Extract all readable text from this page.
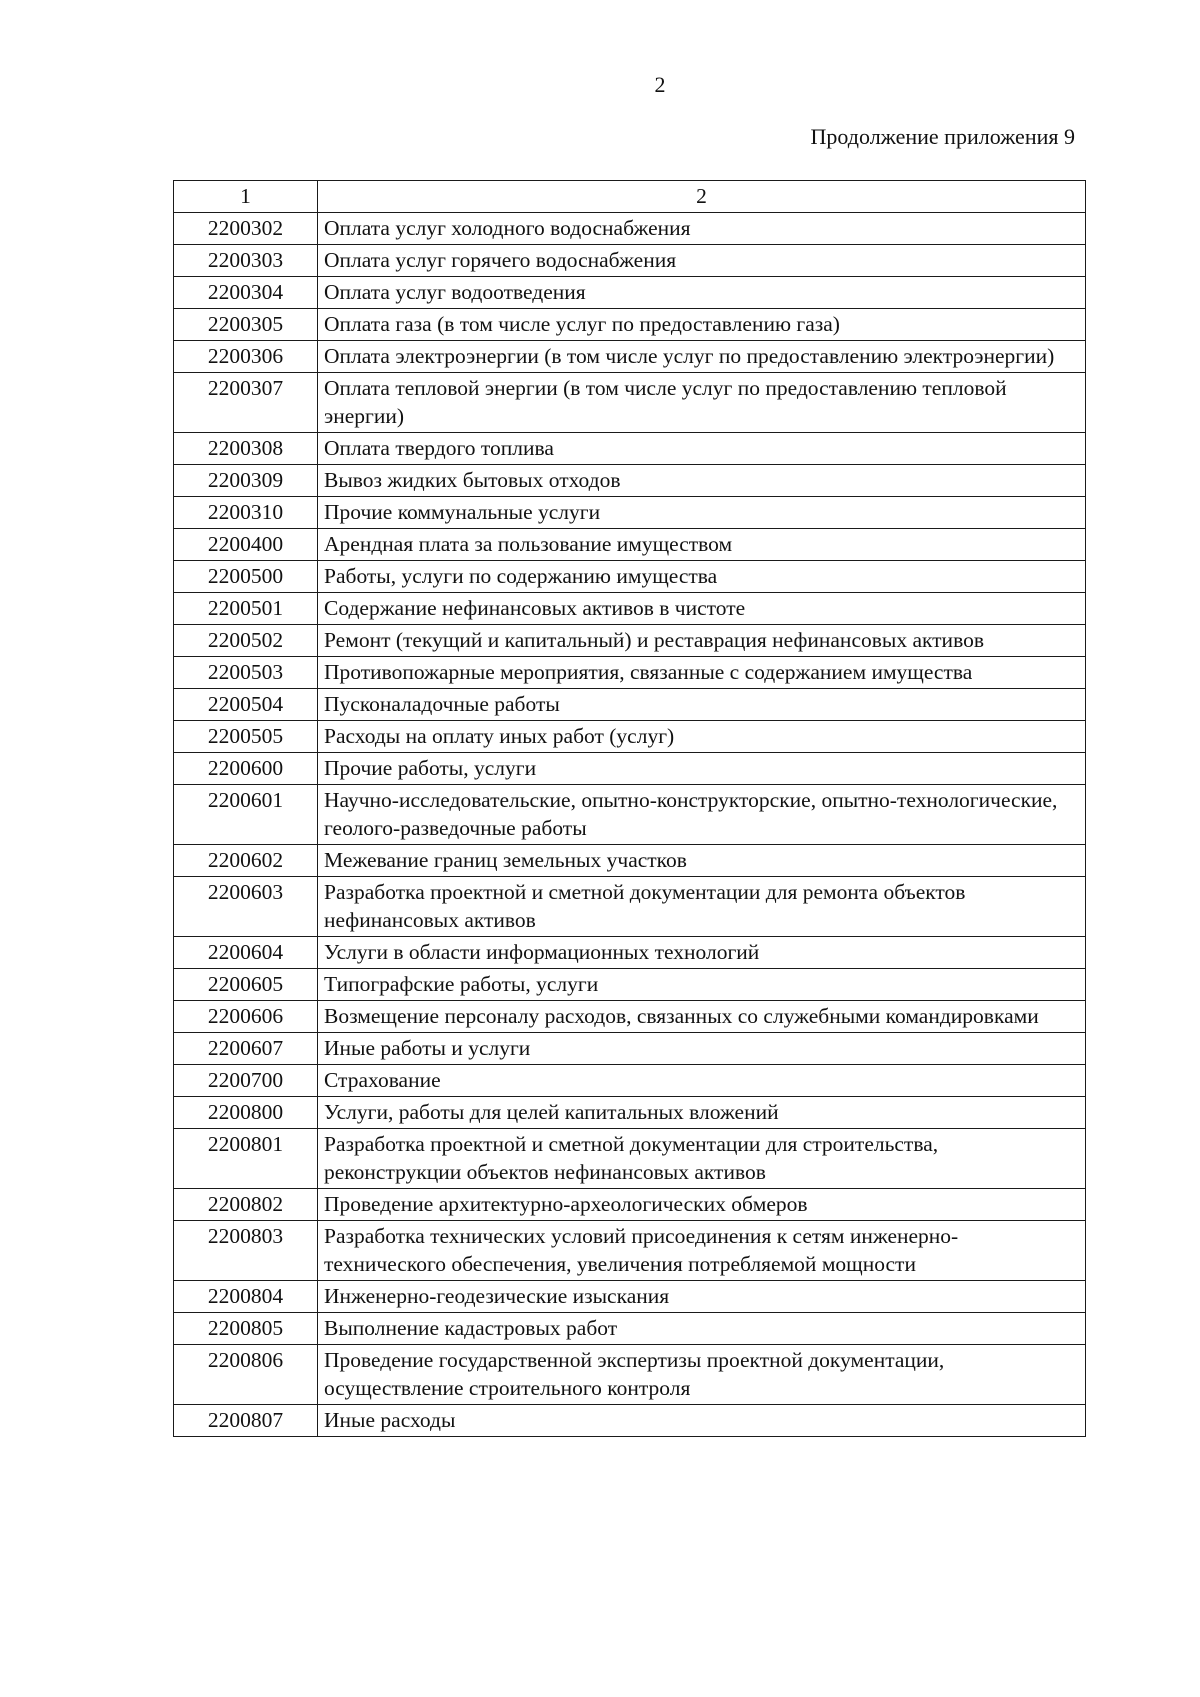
2
Продолжение приложения 9
1	2
2200302	Оплата услуг холодного водоснабжения
2200303	Оплата услуг горячего водоснабжения
2200304	Оплата услуг водоотведения
2200305	Оплата газа (в том числе услуг по предоставлению газа)
2200306	Оплата электроэнергии (в том числе услуг по предоставлению электроэнергии)
2200307	Оплата тепловой энергии (в том числе услуг по предоставлению тепловой энергии)
2200308	Оплата твердого топлива
2200309	Вывоз жидких бытовых отходов
2200310	Прочие коммунальные услуги
2200400	Арендная плата за пользование имуществом
2200500	Работы, услуги по содержанию имущества
2200501	Содержание нефинансовых активов в чистоте
2200502	Ремонт (текущий и капитальный) и реставрация нефинансовых активов
2200503	Противопожарные мероприятия, связанные с содержанием имущества
2200504	Пусконаладочные работы
2200505	Расходы на оплату иных работ (услуг)
2200600	Прочие работы, услуги
2200601	Научно-исследовательские, опытно-конструкторские, опытно-технологические, геолого-разведочные работы
2200602	Межевание границ земельных участков
2200603	Разработка проектной и сметной документации для ремонта объектов нефинансовых активов
2200604	Услуги в области информационных технологий
2200605	Типографские работы, услуги
2200606	Возмещение персоналу расходов, связанных со служебными командировками
2200607	Иные работы и услуги
2200700	Страхование
2200800	Услуги, работы для целей капитальных вложений
2200801	Разработка проектной и сметной документации для строительства, реконструкции объектов нефинансовых активов
2200802	Проведение архитектурно-археологических обмеров
2200803	Разработка технических условий присоединения к сетям инженерно-технического обеспечения, увеличения потребляемой мощности
2200804	Инженерно-геодезические изыскания
2200805	Выполнение кадастровых работ
2200806	Проведение государственной экспертизы проектной документации, осуществление строительного контроля
2200807	Иные расходы
